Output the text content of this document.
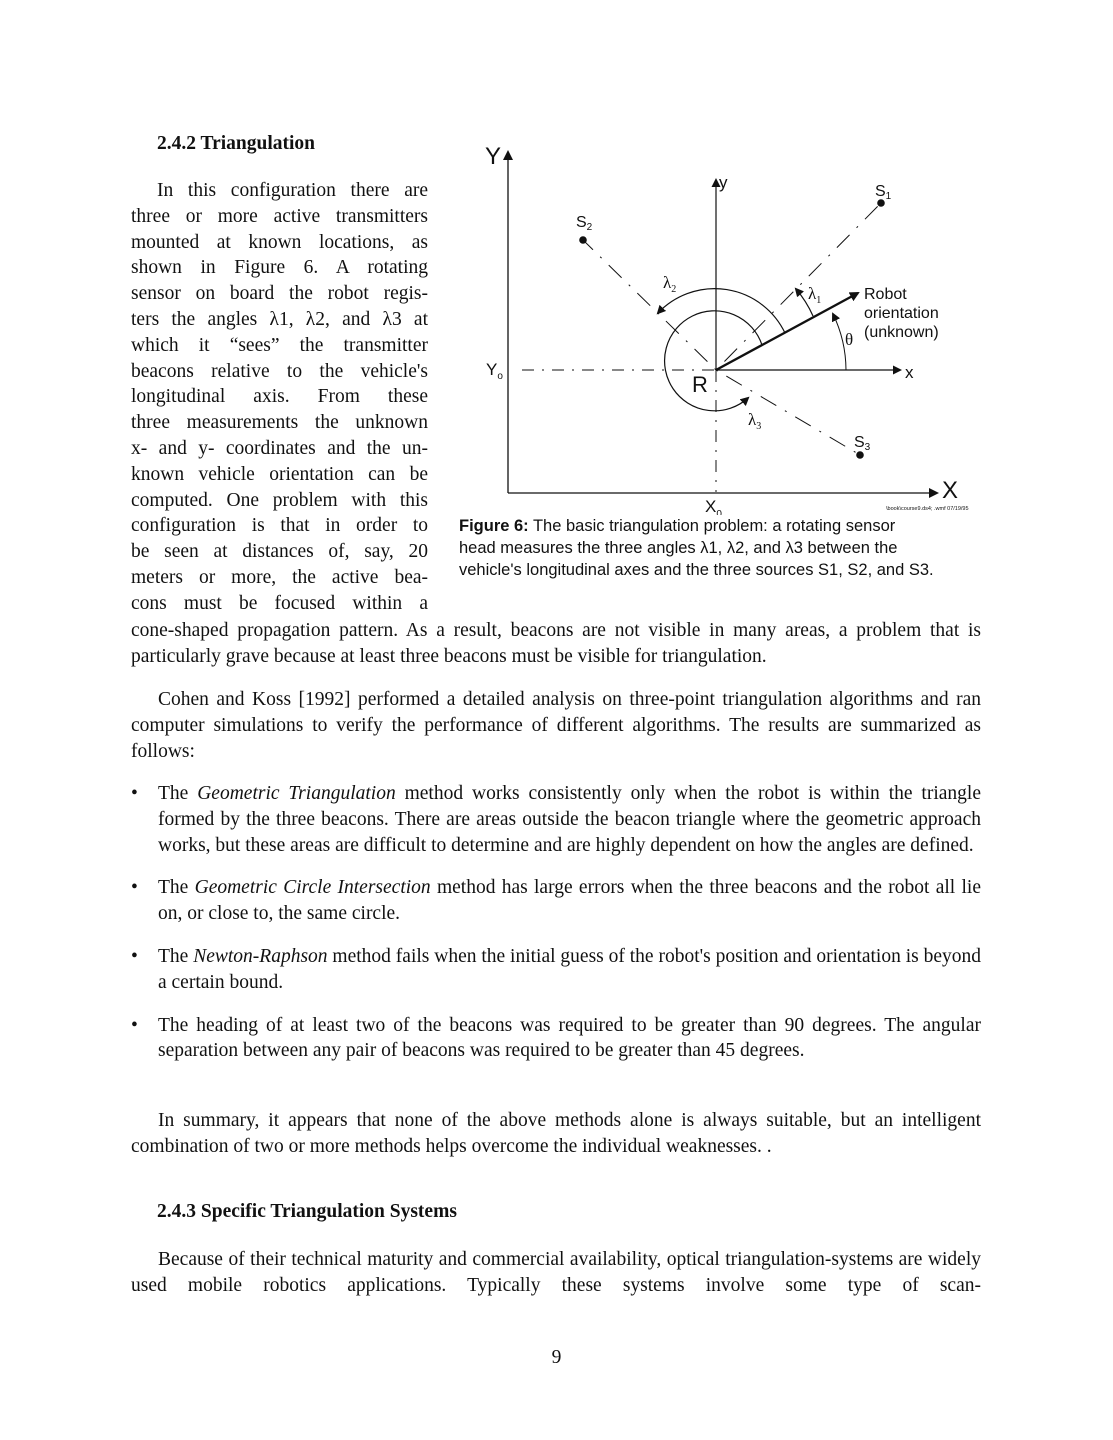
2.4.2 Triangulation
In this configuration there are
three or more active transmitters
mounted at known locations, as
shown in Figure 6. A rotating
sensor on board the robot regis-
ters the angles λ1, λ2, and λ3 at
which it “sees” the transmitter
beacons relative to the vehicle's
longitudinal axis. From these
three measurements the unknown
x- and y- coordinates and the un-
known vehicle orientation can be
computed. One problem with this
configuration is that in order to
be seen at distances of, say, 20
meters or more, the active bea-
cons must be focused within a
Y
X
$Y_o$
$X_0$
y
x
Robot orientation (unknown)
θ
S1
S2
S3
$\lambda_1$
$\lambda_2$
$\lambda_3$
R
\book\course9.ds4; .wmf 07/19/95
Figure 6: The basic triangulation problem: a rotating sensor
head measures the three angles λ1, λ2, and λ3 between the
vehicle's longitudinal axes and the three sources S1, S2, and S3.
cone-shaped propagation pattern. As a result, beacons are not visible in many areas, a problem that is particularly grave because at least three beacons must be visible for triangulation.
Cohen and Koss [1992] performed a detailed analysis on three-point triangulation algorithms and ran computer simulations to verify the performance of different algorithms. The results are summarized as follows:
• The Geometric Triangulation method works consistently only when the robot is within the triangle formed by the three beacons. There are areas outside the beacon triangle where the geometric approach works, but these areas are difficult to determine and are highly dependent on how the angles are defined.
• The Geometric Circle Intersection method has large errors when the three beacons and the robot all lie on, or close to, the same circle.
• The Newton-Raphson method fails when the initial guess of the robot's position and orientation is beyond a certain bound.
• The heading of at least two of the beacons was required to be greater than 90 degrees. The angular separation between any pair of beacons was required to be greater than 45 degrees.
In summary, it appears that none of the above methods alone is always suitable, but an intelligent combination of two or more methods helps overcome the individual weaknesses. .
2.4.3 Specific Triangulation Systems
Because of their technical maturity and commercial availability, optical triangulation-systems are widely used mobile robotics applications. Typically these systems involve some type of scan-
9
